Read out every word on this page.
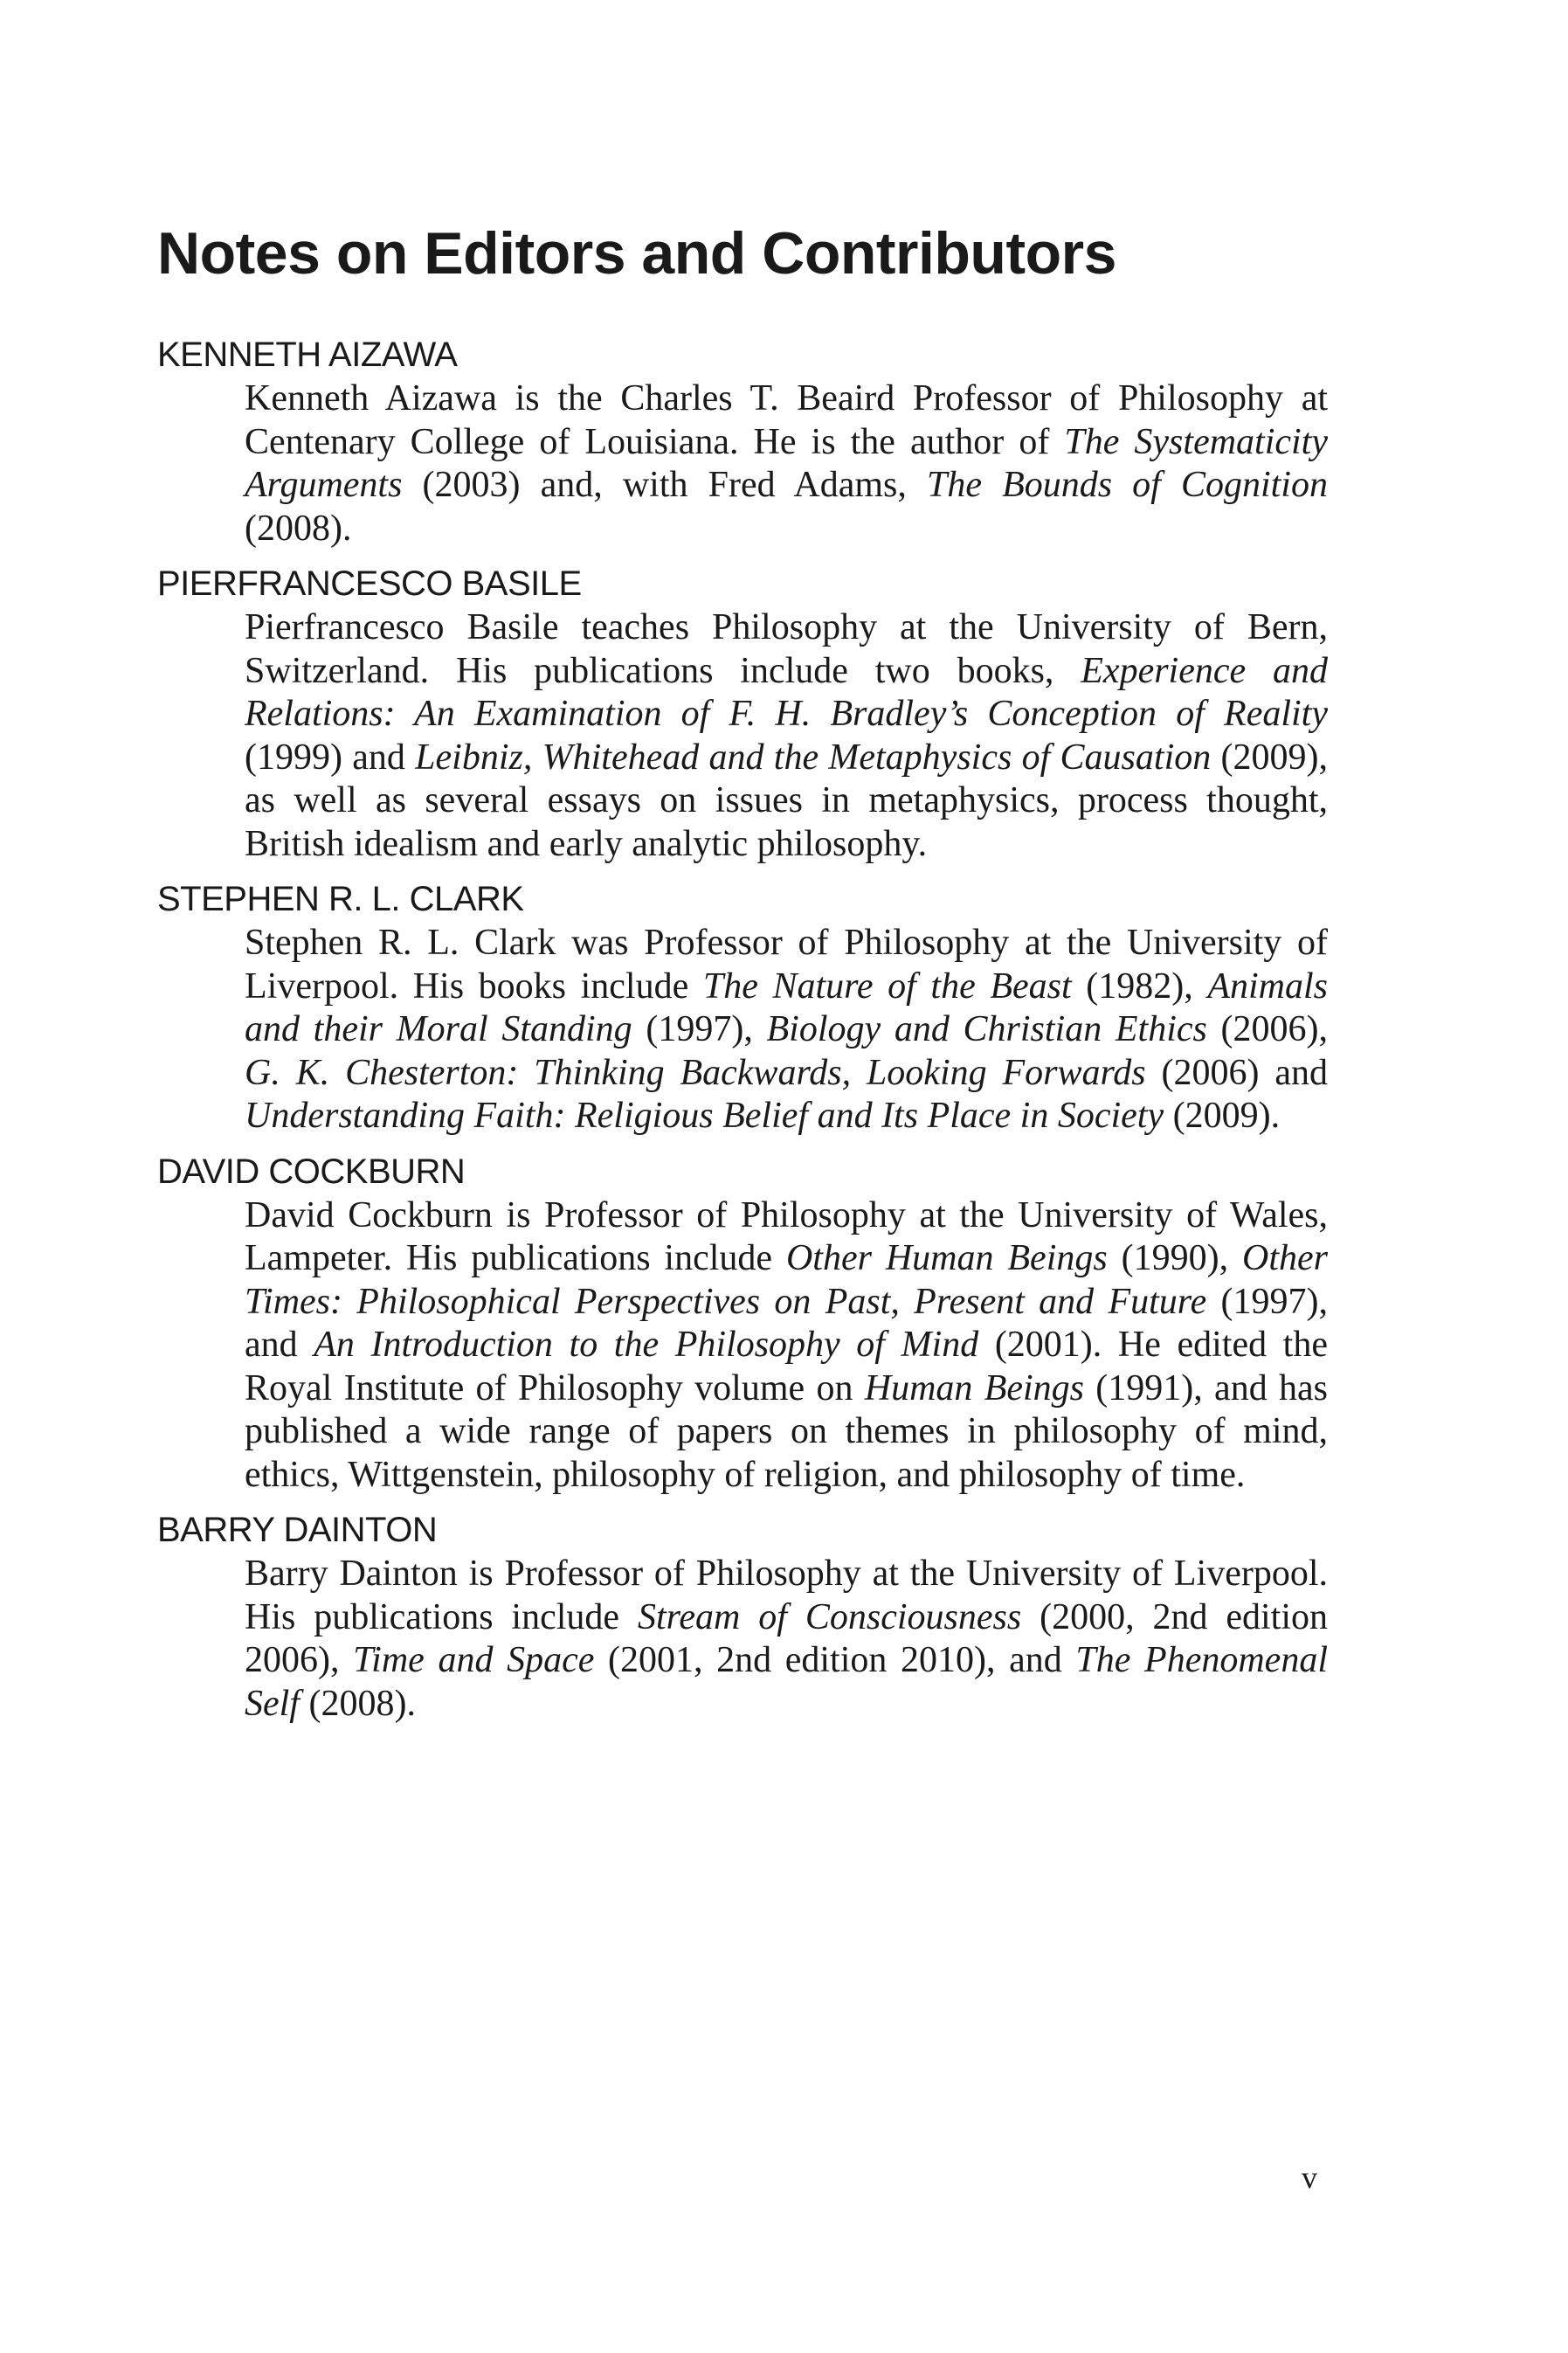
Notes on Editors and Contributors
KENNETH AIZAWA
Kenneth Aizawa is the Charles T. Beaird Professor of Philosophy at Centenary College of Louisiana. He is the author of The Systematicity Arguments (2003) and, with Fred Adams, The Bounds of Cognition (2008).
PIERFRANCESCO BASILE
Pierfrancesco Basile teaches Philosophy at the University of Bern, Switzerland. His publications include two books, Experience and Relations: An Examination of F. H. Bradley’s Conception of Reality (1999) and Leibniz, Whitehead and the Metaphysics of Causation (2009), as well as several essays on issues in metaphysics, process thought, British idealism and early analytic philosophy.
STEPHEN R. L. CLARK
Stephen R. L. Clark was Professor of Philosophy at the University of Liverpool. His books include The Nature of the Beast (1982), Animals and their Moral Standing (1997), Biology and Christian Ethics (2006), G. K. Chesterton: Thinking Backwards, Looking Forwards (2006) and Understanding Faith: Religious Belief and Its Place in Society (2009).
DAVID COCKBURN
David Cockburn is Professor of Philosophy at the University of Wales, Lampeter. His publications include Other Human Beings (1990), Other Times: Philosophical Perspectives on Past, Present and Future (1997), and An Introduction to the Philosophy of Mind (2001). He edited the Royal Institute of Philosophy volume on Human Beings (1991), and has published a wide range of papers on themes in philosophy of mind, ethics, Wittgenstein, philosophy of religion, and philosophy of time.
BARRY DAINTON
Barry Dainton is Professor of Philosophy at the University of Liverpool. His publications include Stream of Consciousness (2000, 2nd edition 2006), Time and Space (2001, 2nd edition 2010), and The Phenomenal Self (2008).
v
